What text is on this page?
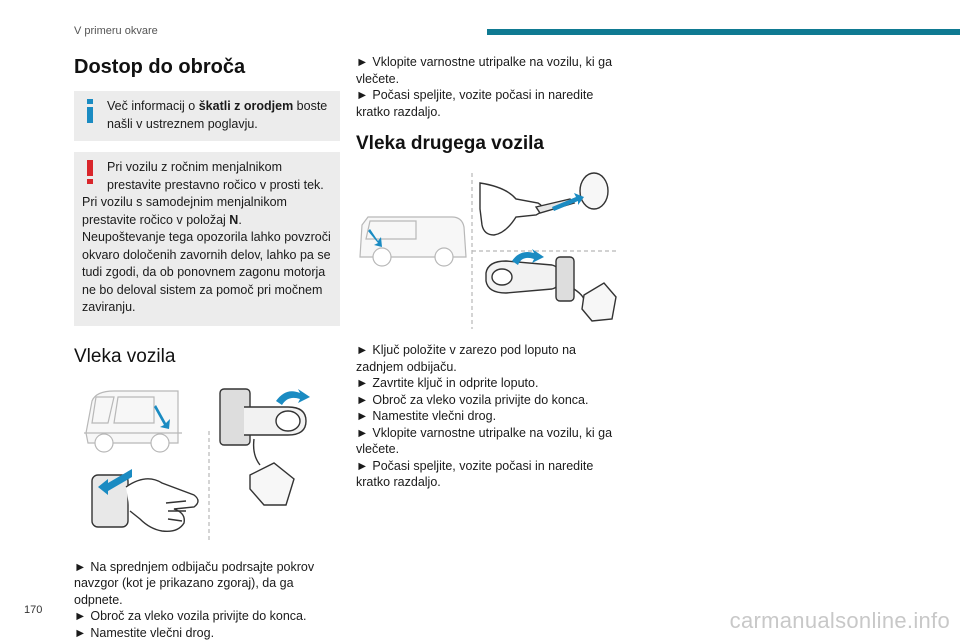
V primeru okvare
Dostop do obroča
Več informacij o škatli z orodjem boste našli v ustreznem poglavju.
Pri vozilu z ročnim menjalnikom prestavite prestavno ročico v prosti tek.
Pri vozilu s samodejnim menjalnikom prestavite ročico v položaj N.
Neupoštevanje tega opozorila lahko povzroči okvaro določenih zavornih delov, lahko pa se tudi zgodi, da ob ponovnem zagonu motorja ne bo deloval sistem za pomoč pri močnem zaviranju.
Vleka vozila

► Na sprednjem odbijaču podrsajte pokrov navzgor (kot je prikazano zgoraj), da ga odpnete.

► Obroč za vleko vozila privijte do konca.

► Namestite vlečni drog.

► Vklopite varnostne utripalke na vozilu, ki ga vlečete.

► Počasi speljite, vozite počasi in naredite kratko razdaljo.

Vleka drugega vozila

► Ključ položite v zarezo pod loputo na zadnjem odbijaču.

► Zavrtite ključ in odprite loputo.

► Obroč za vleko vozila privijte do konca.

► Namestite vlečni drog.

► Vklopite varnostne utripalke na vozilu, ki ga vlečete.

► Počasi speljite, vozite počasi in naredite kratko razdaljo.

170	carmanualsonline.info
